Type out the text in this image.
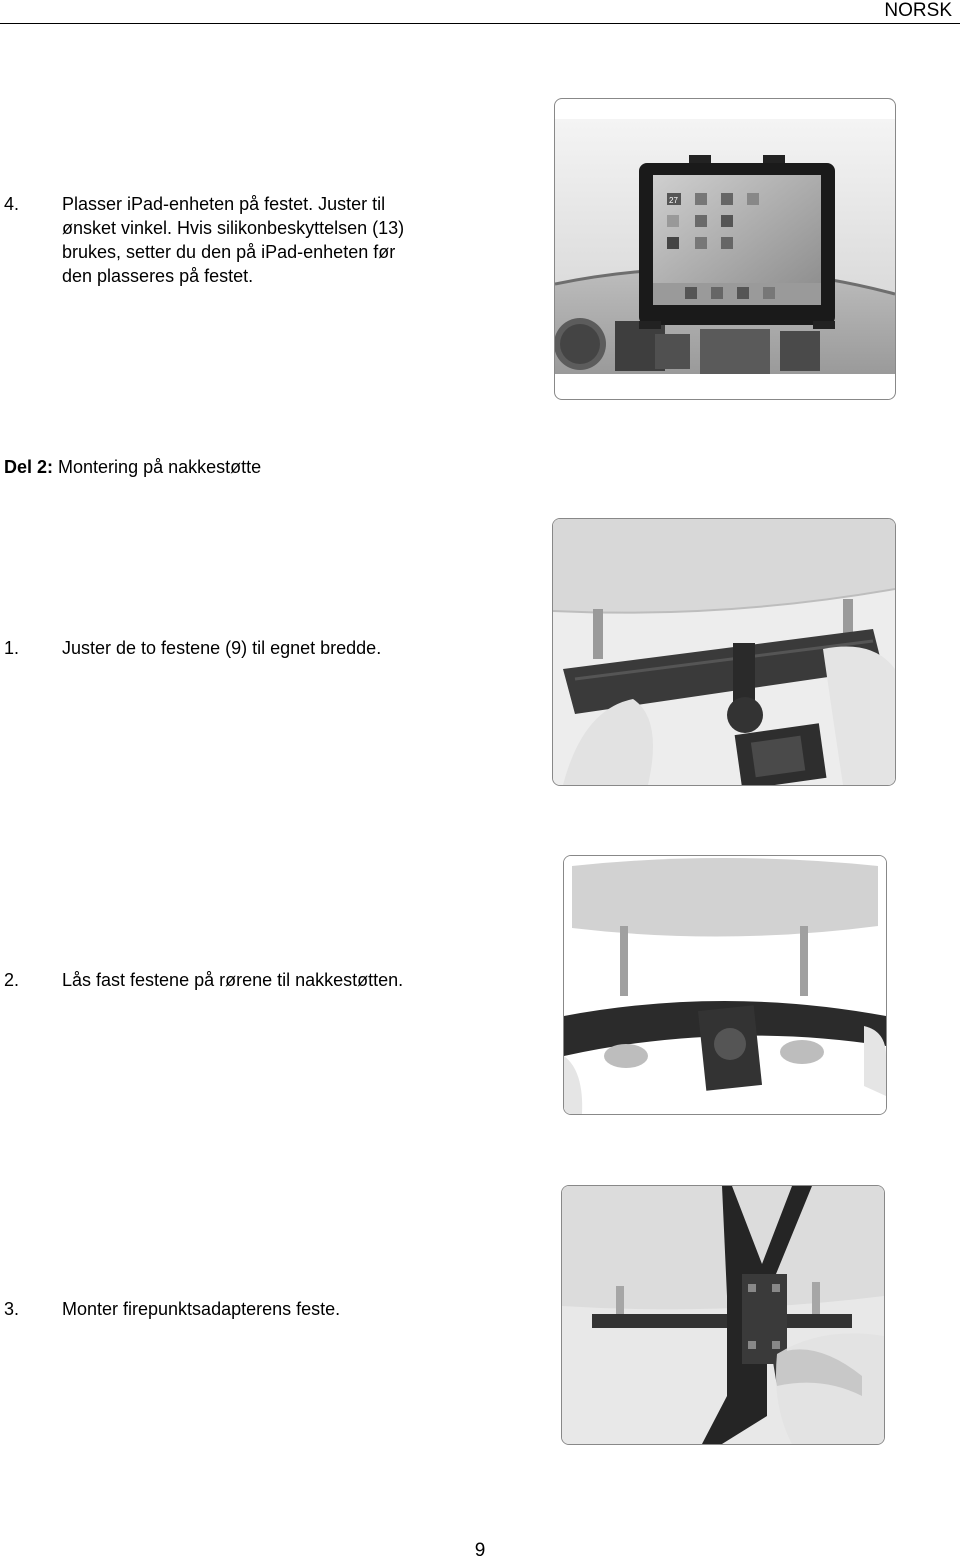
NORSK
4.	Plasser iPad-enheten på festet. Juster til
ønsket vinkel. Hvis silikonbeskyttelsen (13)
brukes, setter du den på iPad-enheten før
den plasseres på festet.
27
Del 2: Montering på nakkestøtte
1.	Juster de to festene (9) til egnet bredde.
2.	Lås fast festene på rørene til nakkestøtten.
3.	Monter firepunktsadapterens feste.
9
